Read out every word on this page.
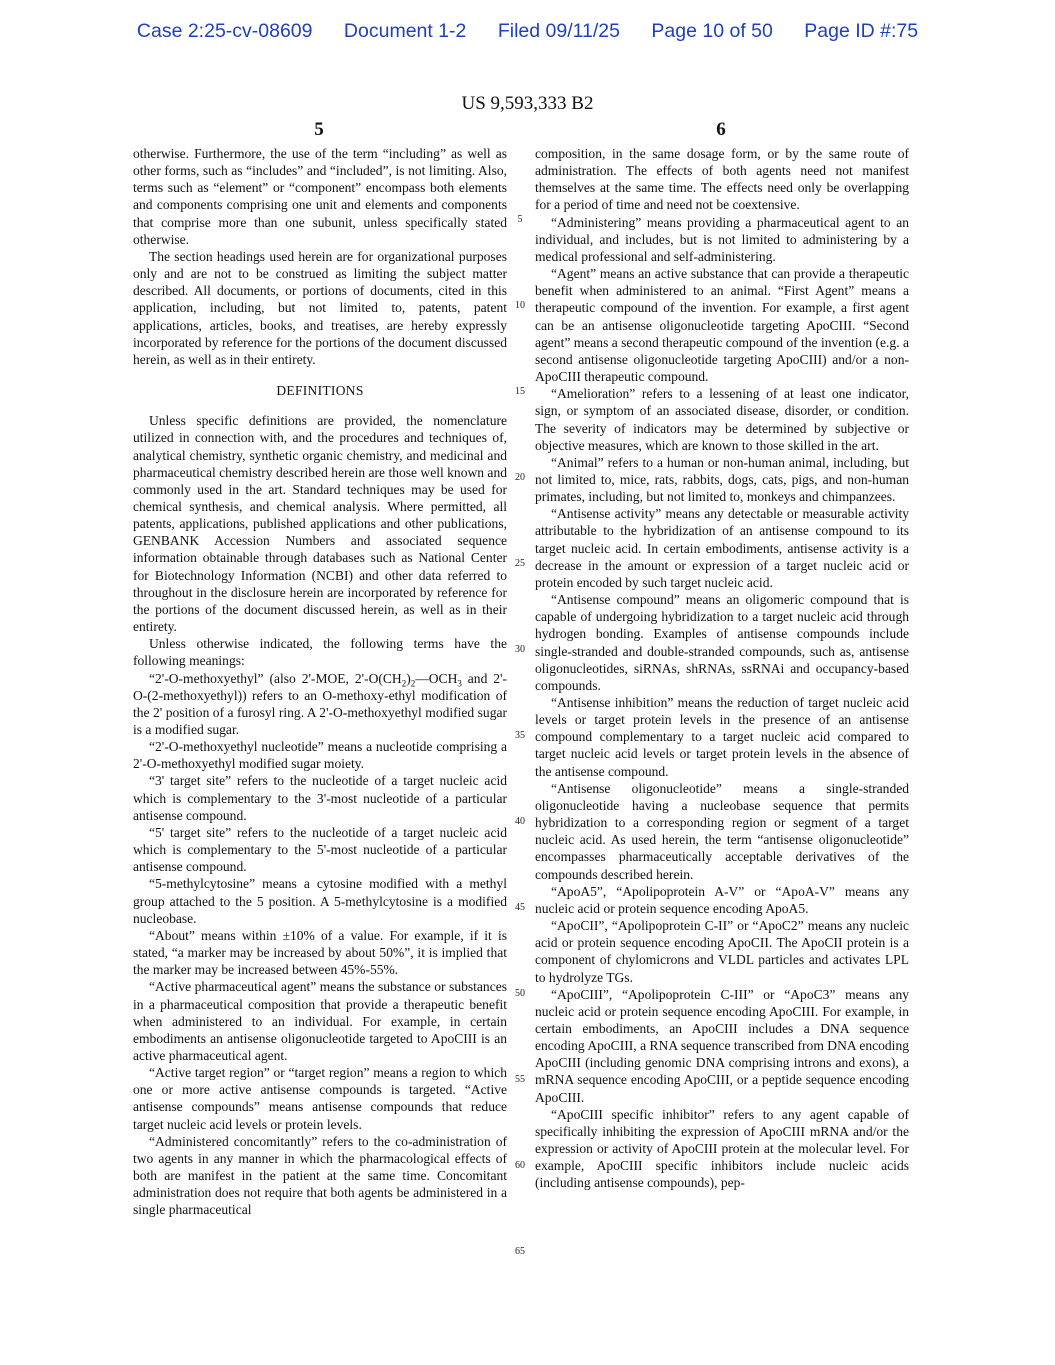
Case 2:25-cv-08609 Document 1-2 Filed 09/11/25 Page 10 of 50 Page ID #:75
US 9,593,333 B2
5	6

otherwise. Furthermore, the use of the term “including” as well as other forms, such as “includes” and “included”, is not limiting. Also, terms such as “element” or “component” encompass both elements and components comprising one unit and elements and components that comprise more than one subunit, unless specifically stated otherwise.

The section headings used herein are for organizational purposes only and are not to be construed as limiting the subject matter described. All documents, or portions of documents, cited in this application, including, but not limited to, patents, patent applications, articles, books, and treatises, are hereby expressly incorporated by reference for the portions of the document discussed herein, as well as in their entirety.

DEFINITIONS

Unless specific definitions are provided, the nomenclature utilized in connection with, and the procedures and techniques of, analytical chemistry, synthetic organic chemistry, and medicinal and pharmaceutical chemistry described herein are those well known and commonly used in the art. Standard techniques may be used for chemical synthesis, and chemical analysis. Where permitted, all patents, applications, published applications and other publications, GENBANK Accession Numbers and associated sequence information obtainable through databases such as National Center for Biotechnology Information (NCBI) and other data referred to throughout in the disclosure herein are incorporated by reference for the portions of the document discussed herein, as well as in their entirety.

Unless otherwise indicated, the following terms have the following meanings:

“2'-O-methoxyethyl” (also 2'-MOE, $2'-O(CH_2)_2—OCH_3$ and 2'-O-(2-methoxyethyl)) refers to an O-methoxy-ethyl modification of the 2' position of a furosyl ring. A 2'-O-methoxyethyl modified sugar is a modified sugar.

“2'-O-methoxyethyl nucleotide” means a nucleotide comprising a 2'-O-methoxyethyl modified sugar moiety.

“3' target site” refers to the nucleotide of a target nucleic acid which is complementary to the 3'-most nucleotide of a particular antisense compound.

“5' target site” refers to the nucleotide of a target nucleic acid which is complementary to the 5'-most nucleotide of a particular antisense compound.

“5-methylcytosine” means a cytosine modified with a methyl group attached to the 5 position. A 5-methylcytosine is a modified nucleobase.

“About” means within ±10% of a value. For example, if it is stated, “a marker may be increased by about 50%”, it is implied that the marker may be increased between 45%-55%.

“Active pharmaceutical agent” means the substance or substances in a pharmaceutical composition that provide a therapeutic benefit when administered to an individual. For example, in certain embodiments an antisense oligonucleotide targeted to ApoCIII is an active pharmaceutical agent.

“Active target region” or “target region” means a region to which one or more active antisense compounds is targeted. “Active antisense compounds” means antisense compounds that reduce target nucleic acid levels or protein levels.

“Administered concomitantly” refers to the co-administration of two agents in any manner in which the pharmacological effects of both are manifest in the patient at the same time. Concomitant administration does not require that both agents be administered in a single pharmaceutical

composition, in the same dosage form, or by the same route of administration. The effects of both agents need not manifest themselves at the same time. The effects need only be overlapping for a period of time and need not be coextensive.

“Administering” means providing a pharmaceutical agent to an individual, and includes, but is not limited to administering by a medical professional and self-administering.

“Agent” means an active substance that can provide a therapeutic benefit when administered to an animal. “First Agent” means a therapeutic compound of the invention. For example, a first agent can be an antisense oligonucleotide targeting ApoCIII. “Second agent” means a second therapeutic compound of the invention (e.g. a second antisense oligonucleotide targeting ApoCIII) and/or a non-ApoCIII therapeutic compound.

“Amelioration” refers to a lessening of at least one indicator, sign, or symptom of an associated disease, disorder, or condition. The severity of indicators may be determined by subjective or objective measures, which are known to those skilled in the art.

“Animal” refers to a human or non-human animal, including, but not limited to, mice, rats, rabbits, dogs, cats, pigs, and non-human primates, including, but not limited to, monkeys and chimpanzees.

“Antisense activity” means any detectable or measurable activity attributable to the hybridization of an antisense compound to its target nucleic acid. In certain embodiments, antisense activity is a decrease in the amount or expression of a target nucleic acid or protein encoded by such target nucleic acid.

“Antisense compound” means an oligomeric compound that is capable of undergoing hybridization to a target nucleic acid through hydrogen bonding. Examples of antisense compounds include single-stranded and double-stranded compounds, such as, antisense oligonucleotides, siRNAs, shRNAs, ssRNAi and occupancy-based compounds.

“Antisense inhibition” means the reduction of target nucleic acid levels or target protein levels in the presence of an antisense compound complementary to a target nucleic acid compared to target nucleic acid levels or target protein levels in the absence of the antisense compound.

“Antisense oligonucleotide” means a single-stranded oligonucleotide having a nucleobase sequence that permits hybridization to a corresponding region or segment of a target nucleic acid. As used herein, the term “antisense oligonucleotide” encompasses pharmaceutically acceptable derivatives of the compounds described herein.

“ApoA5”, “Apolipoprotein A-V” or “ApoA-V” means any nucleic acid or protein sequence encoding ApoA5.

“ApoCII”, “Apolipoprotein C-II” or “ApoC2” means any nucleic acid or protein sequence encoding ApoCII. The ApoCII protein is a component of chylomicrons and VLDL particles and activates LPL to hydrolyze TGs.

“ApoCIII”, “Apolipoprotein C-III” or “ApoC3” means any nucleic acid or protein sequence encoding ApoCIII. For example, in certain embodiments, an ApoCIII includes a DNA sequence encoding ApoCIII, a RNA sequence transcribed from DNA encoding ApoCIII (including genomic DNA comprising introns and exons), a mRNA sequence encoding ApoCIII, or a peptide sequence encoding ApoCIII.

“ApoCIII specific inhibitor” refers to any agent capable of specifically inhibiting the expression of ApoCIII mRNA and/or the expression or activity of ApoCIII protein at the molecular level. For example, ApoCIII specific inhibitors include nucleic acids (including antisense compounds), pep-

5
10
15
20
25
30
35
40
45
50
55
60
65
